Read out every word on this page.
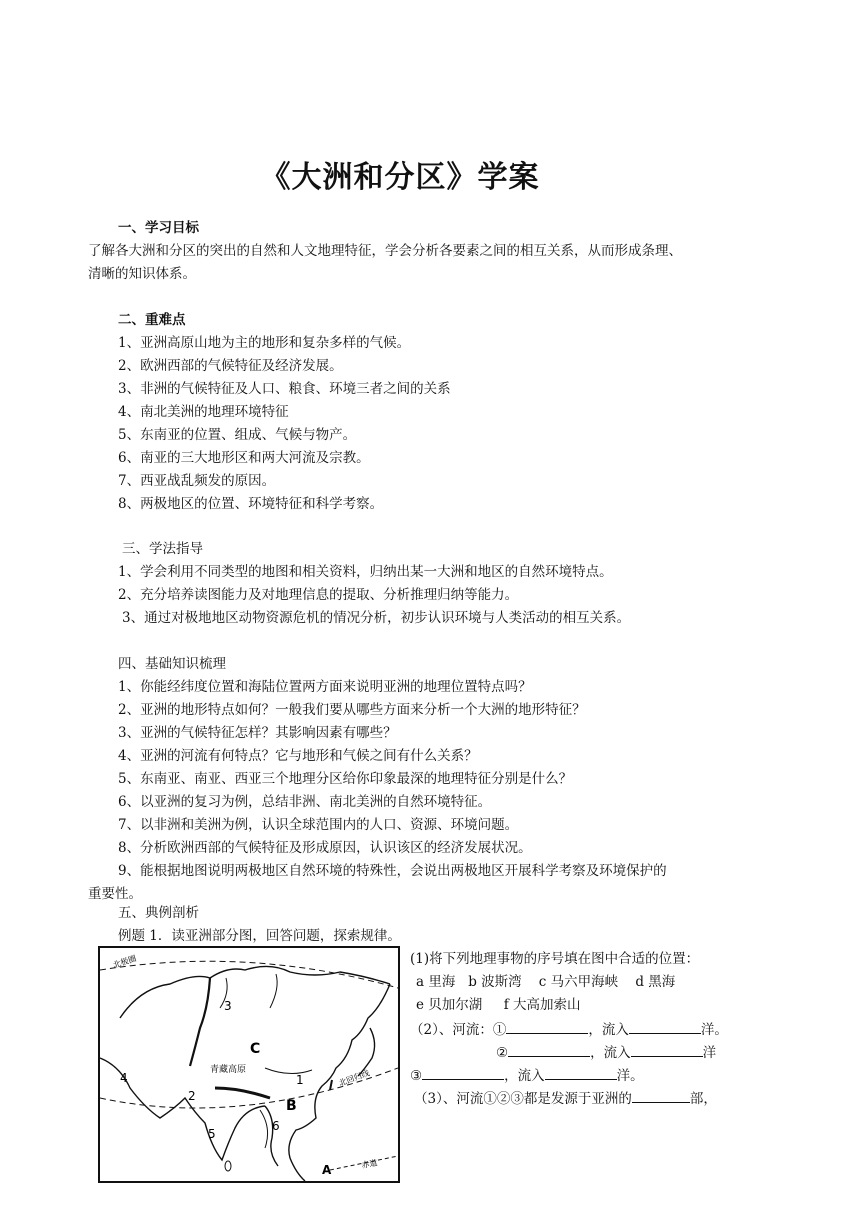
《大洲和分区》学案
一、学习目标
了解各大洲和分区的突出的自然和人文地理特征，学会分析各要素之间的相互关系，从而形成条理、
清晰的知识体系。
二、重难点
1、亚洲高原山地为主的地形和复杂多样的气候。
2、欧洲西部的气候特征及经济发展。
3、非洲的气候特征及人口、粮食、环境三者之间的关系
4、南北美洲的地理环境特征
5、东南亚的位置、组成、气候与物产。
6、南亚的三大地形区和两大河流及宗教。
7、西亚战乱频发的原因。
8、两极地区的位置、环境特征和科学考察。
三、学法指导
1、学会利用不同类型的地图和相关资料，归纳出某一大洲和地区的自然环境特点。
2、充分培养读图能力及对地理信息的提取、分析推理归纳等能力。
3、通过对极地地区动物资源危机的情况分析，初步认识环境与人类活动的相互关系。
四、基础知识梳理
1、你能经纬度位置和海陆位置两方面来说明亚洲的地理位置特点吗？
2、亚洲的地形特点如何？一般我们要从哪些方面来分析一个大洲的地形特征？
3、亚洲的气候特征怎样？其影响因素有哪些？
4、亚洲的河流有何特点？它与地形和气候之间有什么关系？
5、东南亚、南亚、西亚三个地理分区给你印象最深的地理特征分别是什么？
6、以亚洲的复习为例，总结非洲、南北美洲的自然环境特征。
7、以非洲和美洲为例，认识全球范围内的人口、资源、环境问题。
8、分析欧洲西部的气候特征及形成原因，认识该区的经济发展状况。
9、能根据地图说明两极地区自然环境的特殊性，会说出两极地区开展科学考察及环境保护的
重要性。
五、典例剖析
例题 1．读亚洲部分图，回答问题，探索规律。
(1)将下列地理事物的序号填在图中合适的位置：
a 里海   b 波斯湾    c 马六甲海峡    d 黑海
e 贝加尔湖     f 大高加索山
（2）、河流：①	，流入	洋。
②	，流入	洋
③	，流入	洋。
（3）、河流①②③都是发源于亚洲的	部，
北极圈
青藏高原	北回归线
赤道
C
B
A
1
2
3
4
5
6
